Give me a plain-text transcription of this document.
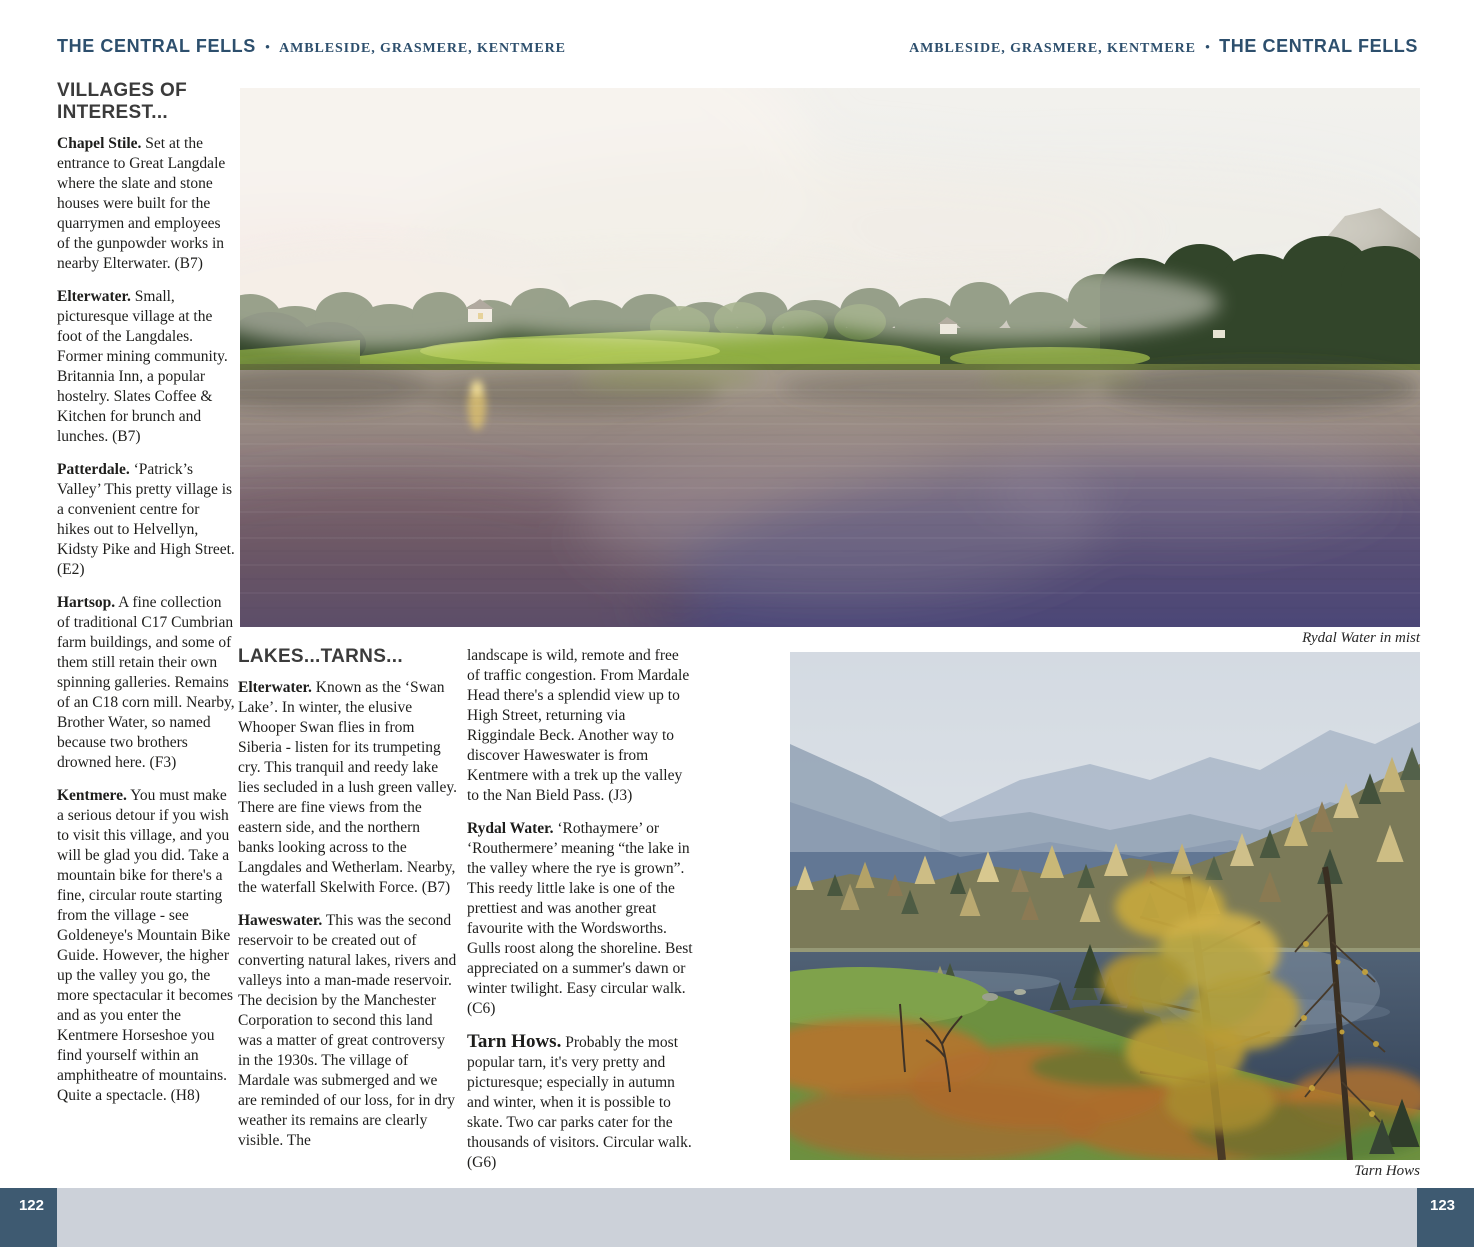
THE CENTRAL FELLS • AMBLESIDE, GRASMERE, KENTMERE	AMBLESIDE, GRASMERE, KENTMERE • THE CENTRAL FELLS
VILLAGES OF INTEREST...

Chapel Stile. Set at the entrance to Great Langdale where the slate and stone houses were built for the quarrymen and employees of the gunpowder works in nearby Elterwater. (B7)

Elterwater. Small, picturesque village at the foot of the Langdales. Former mining community. Britannia Inn, a popular hostelry. Slates Coffee & Kitchen for brunch and lunches. (B7)

Patterdale. ‘Patrick’s Valley’ This pretty village is a convenient centre for hikes out to Helvellyn, Kidsty Pike and High Street. (E2)

Hartsop. A fine collection of traditional C17 Cumbrian farm buildings, and some of them still retain their own spinning galleries. Remains of an C18 corn mill. Nearby, Brother Water, so named because two brothers drowned here. (F3)

Kentmere. You must make a serious detour if you wish to visit this village, and you will be glad you did. Take a mountain bike for there's a fine, circular route starting from the village - see Goldeneye's Mountain Bike Guide. However, the higher up the valley you go, the more spectacular it becomes and as you enter the Kentmere Horseshoe you find yourself within an amphitheatre of mountains. Quite a spectacle. (H8)

Rydal Water in mist
LAKES...TARNS...

Elterwater. Known as the ‘Swan Lake’. In winter, the elusive Whooper Swan flies in from Siberia - listen for its trumpeting cry. This tranquil and reedy lake lies secluded in a lush green valley. There are fine views from the eastern side, and the northern banks looking across to the Langdales and Wetherlam. Nearby, the waterfall Skelwith Force. (B7)

Haweswater. This was the second reservoir to be created out of converting natural lakes, rivers and valleys into a man-made reservoir. The decision by the Manchester Corporation to second this land was a matter of great controversy in the 1930s. The village of Mardale was submerged and we are reminded of our loss, for in dry weather its remains are clearly visible. The

landscape is wild, remote and free of traffic congestion. From Mardale Head there's a splendid view up to High Street, returning via Riggindale Beck. Another way to discover Haweswater is from Kentmere with a trek up the valley to the Nan Bield Pass. (J3)

Rydal Water. ‘Rothaymere’ or ‘Routhermere’ meaning “the lake in the valley where the rye is grown”. This reedy little lake is one of the prettiest and was another great favourite with the Wordsworths. Gulls roost along the shoreline. Best appreciated on a summer's dawn or winter twilight. Easy circular walk. (C6)

Tarn Hows. Probably the most popular tarn, it's very pretty and picturesque; especially in autumn and winter, when it is possible to skate. Two car parks cater for the thousands of visitors. Circular walk. (G6)	Tarn Hows
122	123
